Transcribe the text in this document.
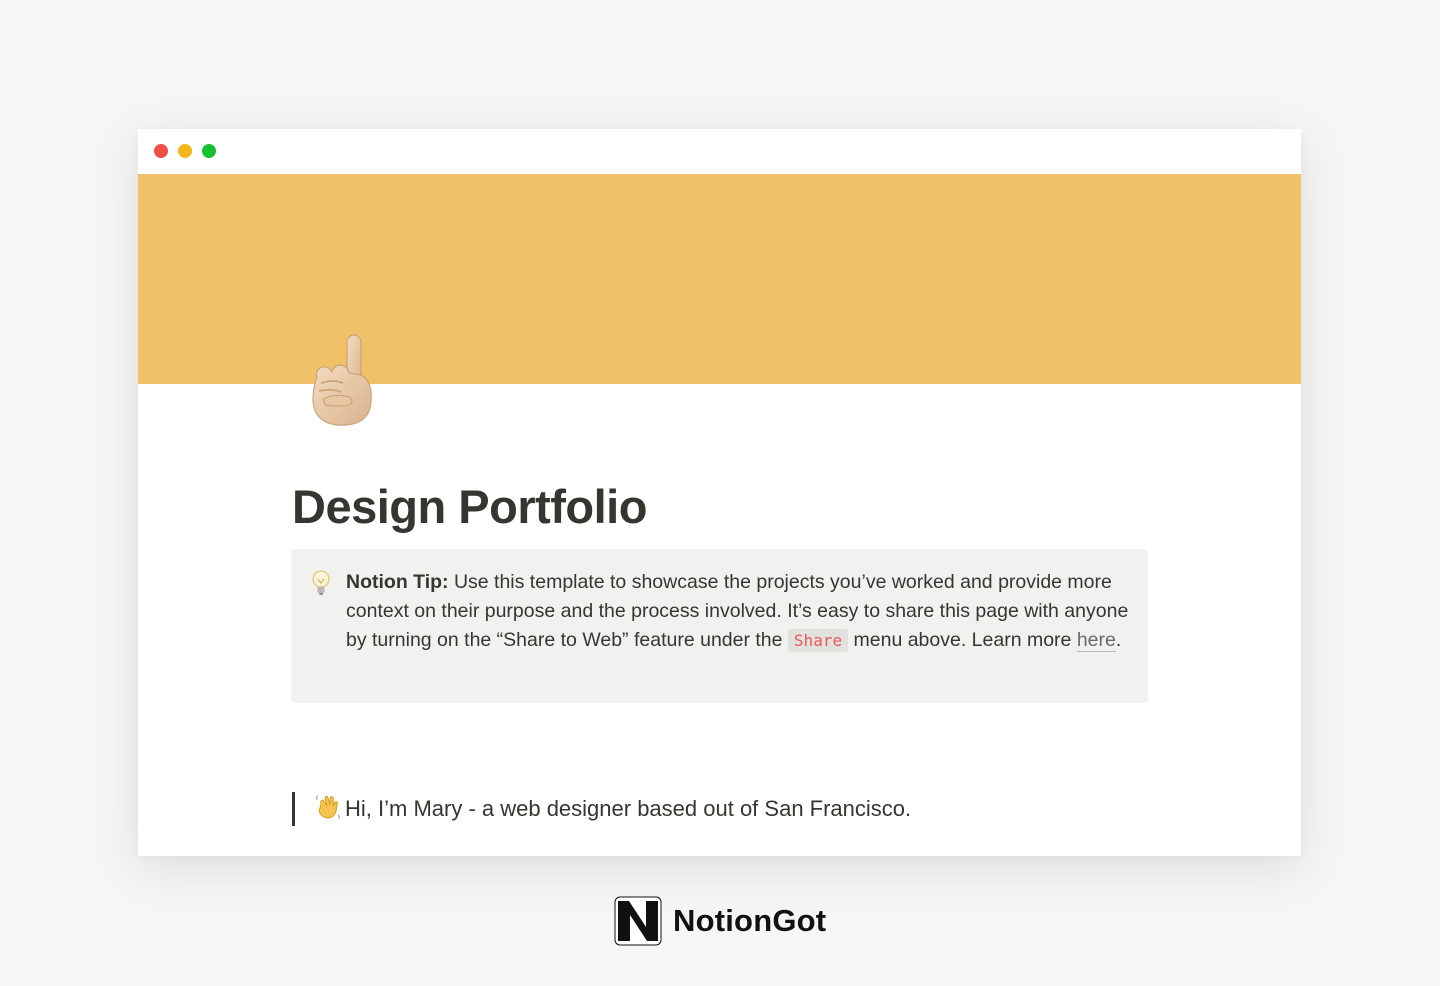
Design Portfolio
Notion Tip: Use this template to showcase the projects you’ve worked and provide more context on their purpose and the process involved. It’s easy to share this page with anyone by turning on the “Share to Web” feature under the Share menu above. Learn more here.
Hi, I’m Mary - a web designer based out of San Francisco.
NotionGot
